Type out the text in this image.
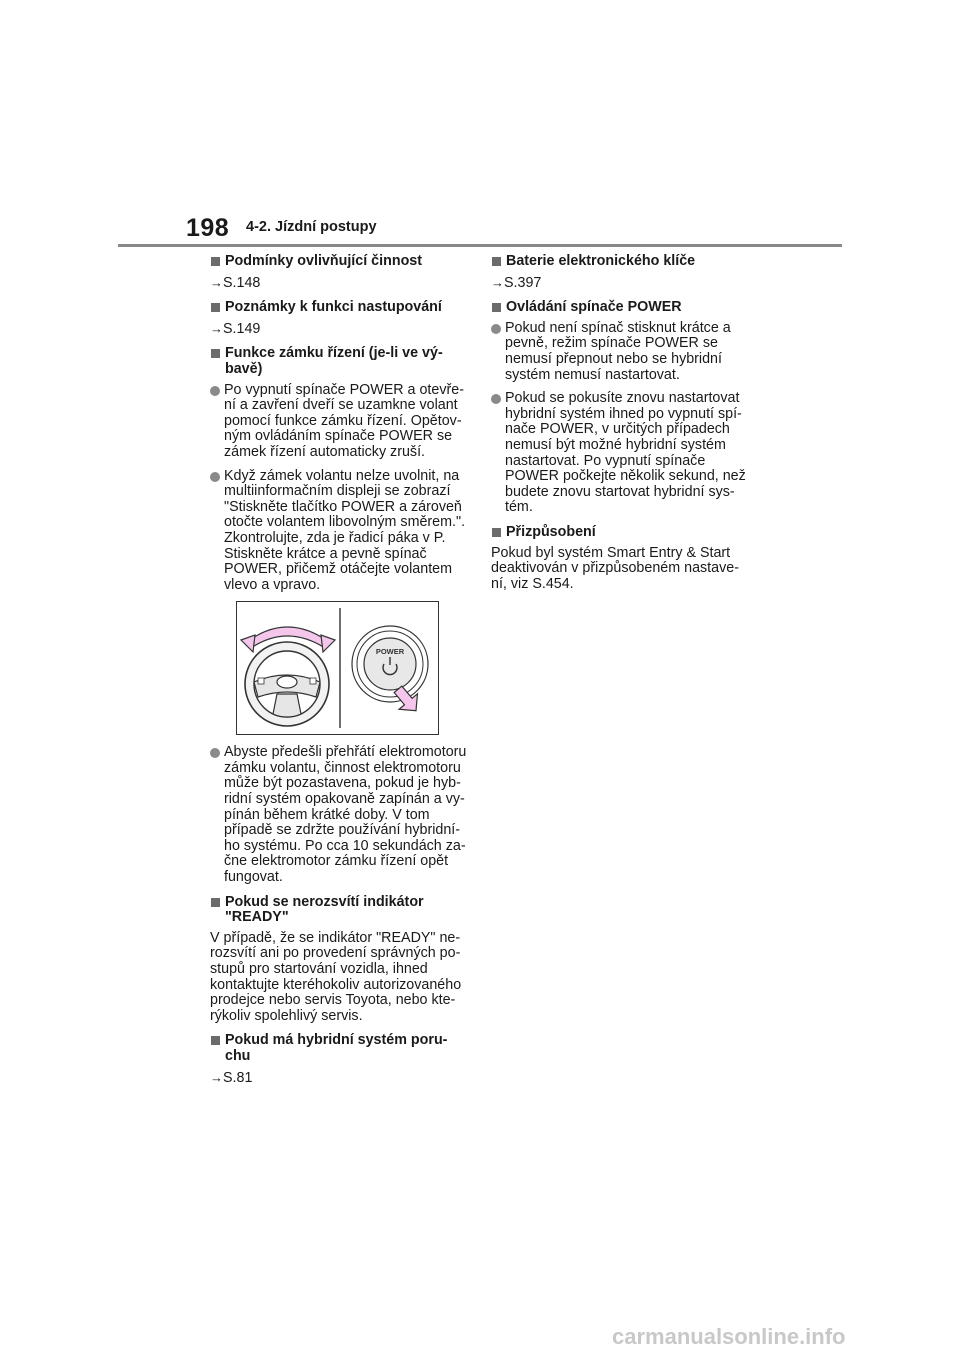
198 4-2. Jízdní postupy
Podmínky ovlivňující činnost
→S.148
Poznámky k funkci nastupování
→S.149
Funkce zámku řízení (je-li ve vý-bavě)
Po vypnutí spínače POWER a otevře-ní a zavření dveří se uzamkne volant pomocí funkce zámku řízení. Opětov-ným ovládáním spínače POWER se zámek řízení automaticky zruší.
Když zámek volantu nelze uvolnit, na multiinformačním displeji se zobrazí "Stiskněte tlačítko POWER a zároveň otočte volantem libovolným směrem.". Zkontrolujte, zda je řadicí páka v P. Stiskněte krátce a pevně spínač POWER, přičemž otáčejte volantem vlevo a vpravo.
POWER
Abyste předešli přehřátí elektromotoru zámku volantu, činnost elektromotoru může být pozastavena, pokud je hyb-ridní systém opakovaně zapínán a vy-pínán během krátké doby. V tom případě se zdržte používání hybridní-ho systému. Po cca 10 sekundách za-čne elektromotor zámku řízení opět fungovat.
Pokud se nerozsvítí indikátor "READY"
V případě, že se indikátor "READY" ne-rozsvítí ani po provedení správných po-stupů pro startování vozidla, ihned kontaktujte kteréhokoliv autorizovaného prodejce nebo servis Toyota, nebo kte-rýkoliv spolehlivý servis.
Pokud má hybridní systém poru-chu
→S.81
Baterie elektronického klíče
→S.397
Ovládání spínače POWER
Pokud není spínač stisknut krátce a pevně, režim spínače POWER se nemusí přepnout nebo se hybridní systém nemusí nastartovat.
Pokud se pokusíte znovu nastartovat hybridní systém ihned po vypnutí spí-nače POWER, v určitých případech nemusí být možné hybridní systém nastartovat. Po vypnutí spínače POWER počkejte několik sekund, než budete znovu startovat hybridní sys-tém.
Přizpůsobení
Pokud byl systém Smart Entry & Start deaktivován v přizpůsobeném nastave-ní, viz S.454.
carmanualsonline.info
